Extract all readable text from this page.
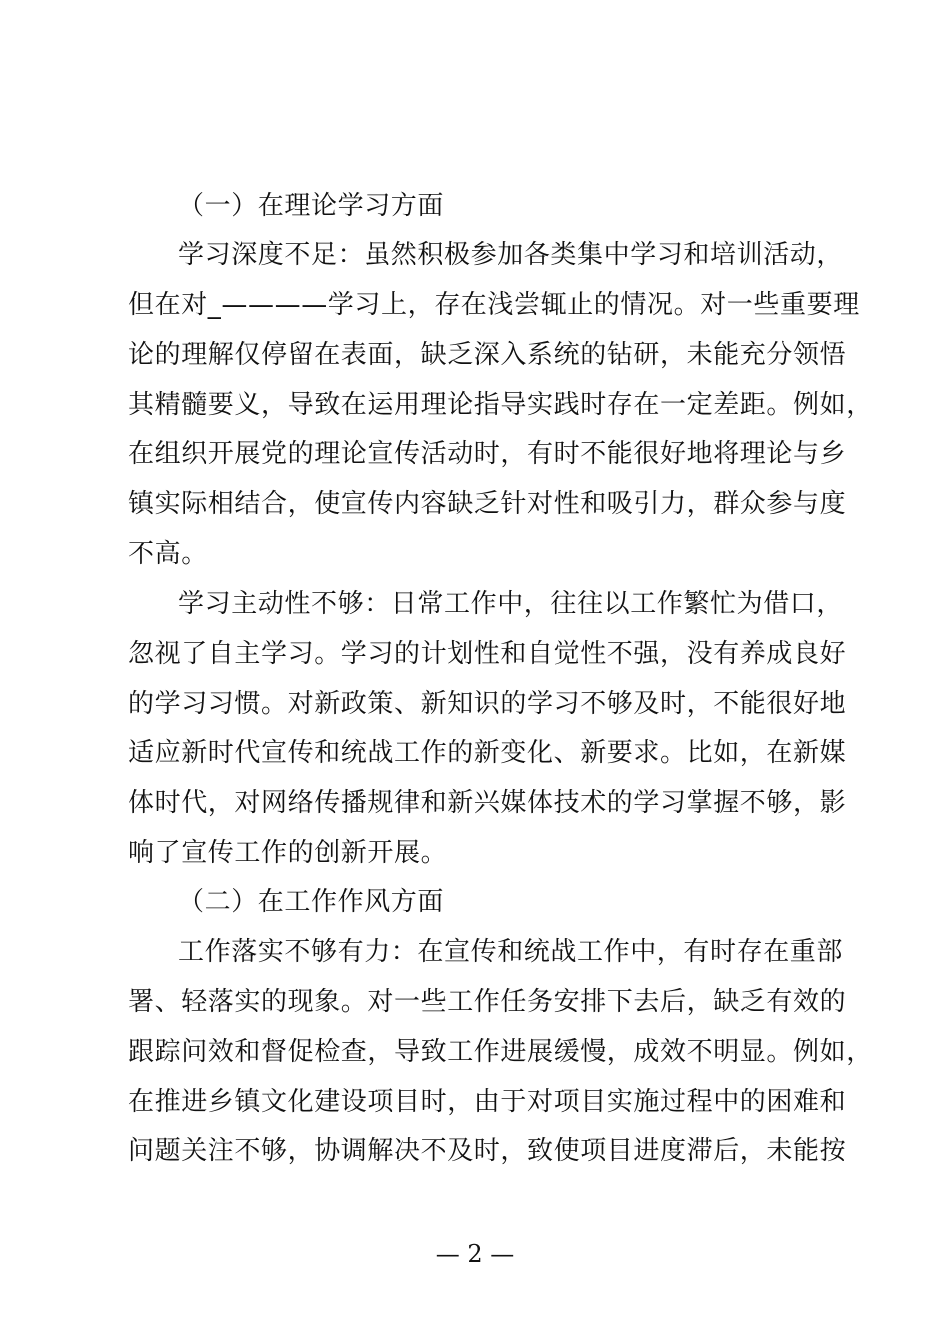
（一）在理论学习方面
学习深度不足：虽然积极参加各类集中学习和培训活动，
但在对_————学习上，存在浅尝辄止的情况。对一些重要理
论的理解仅停留在表面，缺乏深入系统的钻研，未能充分领悟
其精髓要义，导致在运用理论指导实践时存在一定差距。例如，
在组织开展党的理论宣传活动时，有时不能很好地将理论与乡
镇实际相结合，使宣传内容缺乏针对性和吸引力，群众参与度
不高。
学习主动性不够：日常工作中，往往以工作繁忙为借口，
忽视了自主学习。学习的计划性和自觉性不强，没有养成良好
的学习习惯。对新政策、新知识的学习不够及时，不能很好地
适应新时代宣传和统战工作的新变化、新要求。比如，在新媒
体时代，对网络传播规律和新兴媒体技术的学习掌握不够，影
响了宣传工作的创新开展。
（二）在工作作风方面
工作落实不够有力：在宣传和统战工作中，有时存在重部
署、轻落实的现象。对一些工作任务安排下去后，缺乏有效的
跟踪问效和督促检查，导致工作进展缓慢，成效不明显。例如，
在推进乡镇文化建设项目时，由于对项目实施过程中的困难和
问题关注不够，协调解决不及时，致使项目进度滞后，未能按
— 2 —
